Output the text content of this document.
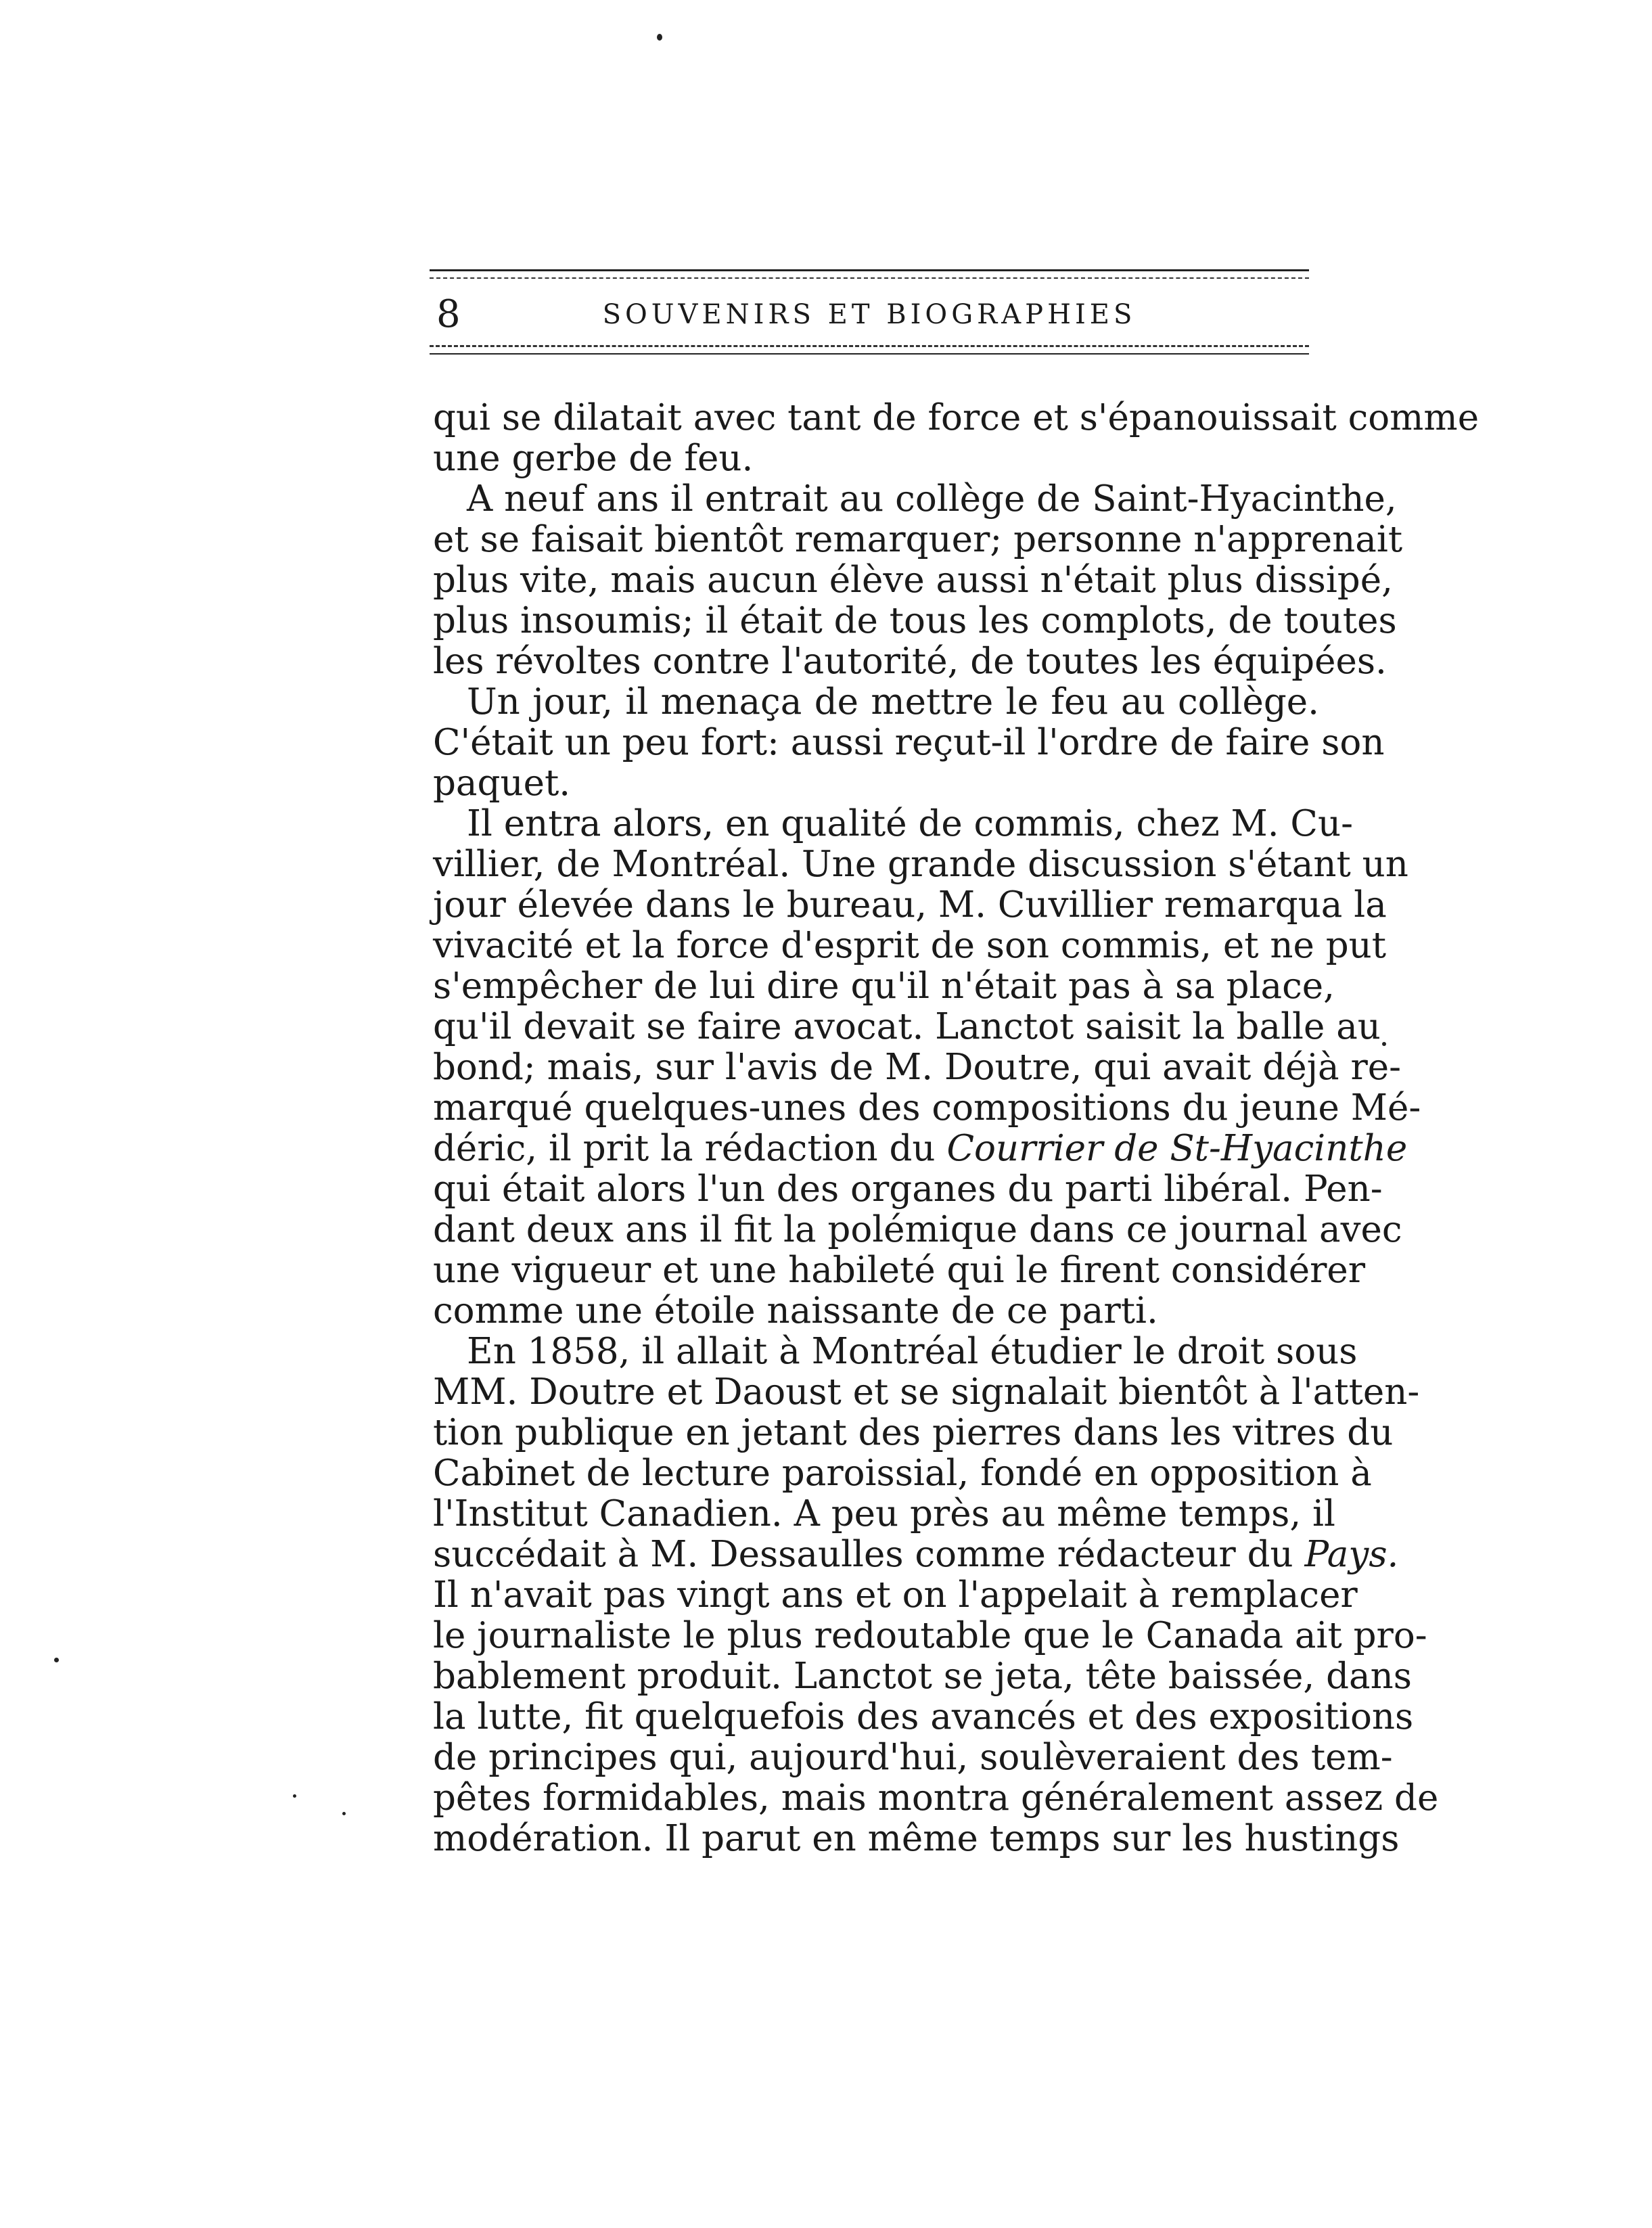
8	SOUVENIRS ET BIOGRAPHIES
qui se dilatait avec tant de force et s'épanouissait comme
une gerbe de feu.
A neuf ans il entrait au collège de Saint-Hyacinthe,
et se faisait bientôt remarquer; personne n'apprenait
plus vite, mais aucun élève aussi n'était plus dissipé,
plus insoumis; il était de tous les complots, de toutes
les révoltes contre l'autorité, de toutes les équipées.
Un jour, il menaça de mettre le feu au collège.
C'était un peu fort: aussi reçut-il l'ordre de faire son
paquet.
Il entra alors, en qualité de commis, chez M. Cu-
villier, de Montréal. Une grande discussion s'étant un
jour élevée dans le bureau, M. Cuvillier remarqua la
vivacité et la force d'esprit de son commis, et ne put
s'empêcher de lui dire qu'il n'était pas à sa place,
qu'il devait se faire avocat. Lanctot saisit la balle au
bond; mais, sur l'avis de M. Doutre, qui avait déjà re-
marqué quelques-unes des compositions du jeune Mé-
déric, il prit la rédaction du Courrier de St-Hyacinthe
qui était alors l'un des organes du parti libéral. Pen-
dant deux ans il fit la polémique dans ce journal avec
une vigueur et une habileté qui le firent considérer
comme une étoile naissante de ce parti.
En 1858, il allait à Montréal étudier le droit sous
MM. Doutre et Daoust et se signalait bientôt à l'atten-
tion publique en jetant des pierres dans les vitres du
Cabinet de lecture paroissial, fondé en opposition à
l'Institut Canadien. A peu près au même temps, il
succédait à M. Dessaulles comme rédacteur du Pays.
Il n'avait pas vingt ans et on l'appelait à remplacer
le journaliste le plus redoutable que le Canada ait pro-
bablement produit. Lanctot se jeta, tête baissée, dans
la lutte, fit quelquefois des avancés et des expositions
de principes qui, aujourd'hui, soulèveraient des tem-
pêtes formidables, mais montra généralement assez de
modération. Il parut en même temps sur les hustings
